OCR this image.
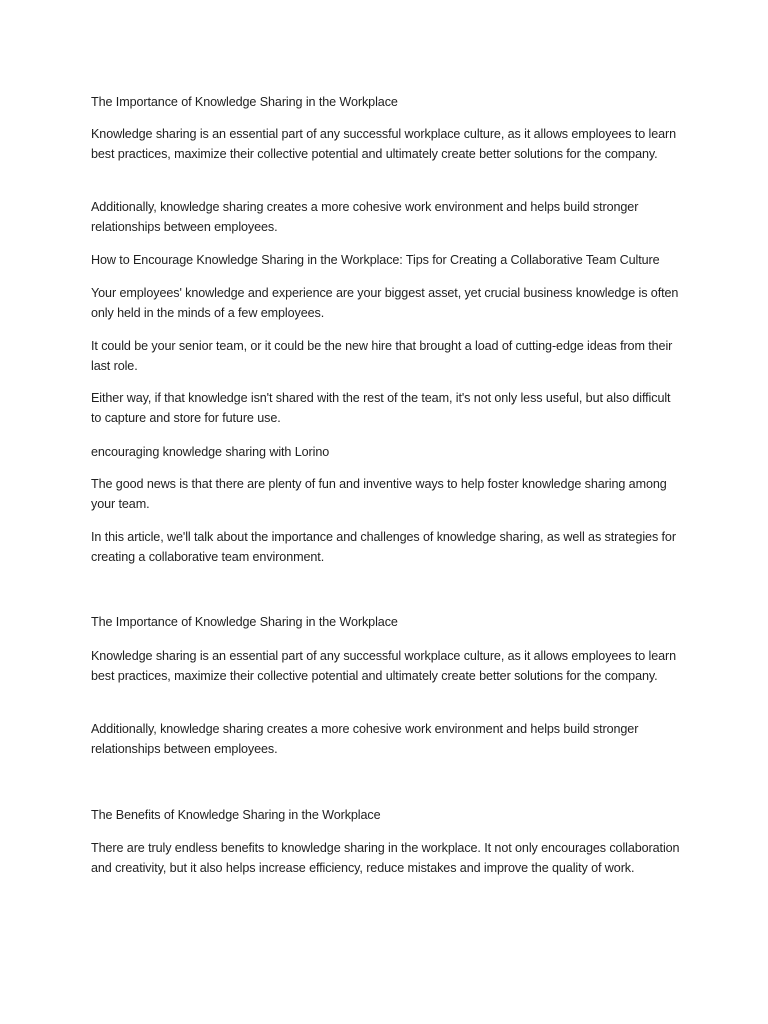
The Importance of Knowledge Sharing in the Workplace

Knowledge sharing is an essential part of any successful workplace culture, as it allows employees to learn best practices, maximize their collective potential and ultimately create better solutions for the company.

Additionally, knowledge sharing creates a more cohesive work environment and helps build stronger relationships between employees.

How to Encourage Knowledge Sharing in the Workplace: Tips for Creating a Collaborative Team Culture

Your employees' knowledge and experience are your biggest asset, yet crucial business knowledge is often only held in the minds of a few employees.

It could be your senior team, or it could be the new hire that brought a load of cutting-edge ideas from their last role.

Either way, if that knowledge isn't shared with the rest of the team, it's not only less useful, but also difficult to capture and store for future use.

encouraging knowledge sharing with Lorino

The good news is that there are plenty of fun and inventive ways to help foster knowledge sharing among your team.

In this article, we'll talk about the importance and challenges of knowledge sharing, as well as strategies for creating a collaborative team environment.

The Importance of Knowledge Sharing in the Workplace

Knowledge sharing is an essential part of any successful workplace culture, as it allows employees to learn best practices, maximize their collective potential and ultimately create better solutions for the company.

Additionally, knowledge sharing creates a more cohesive work environment and helps build stronger relationships between employees.

The Benefits of Knowledge Sharing in the Workplace

There are truly endless benefits to knowledge sharing in the workplace. It not only encourages collaboration and creativity, but it also helps increase efficiency, reduce mistakes and improve the quality of work.
